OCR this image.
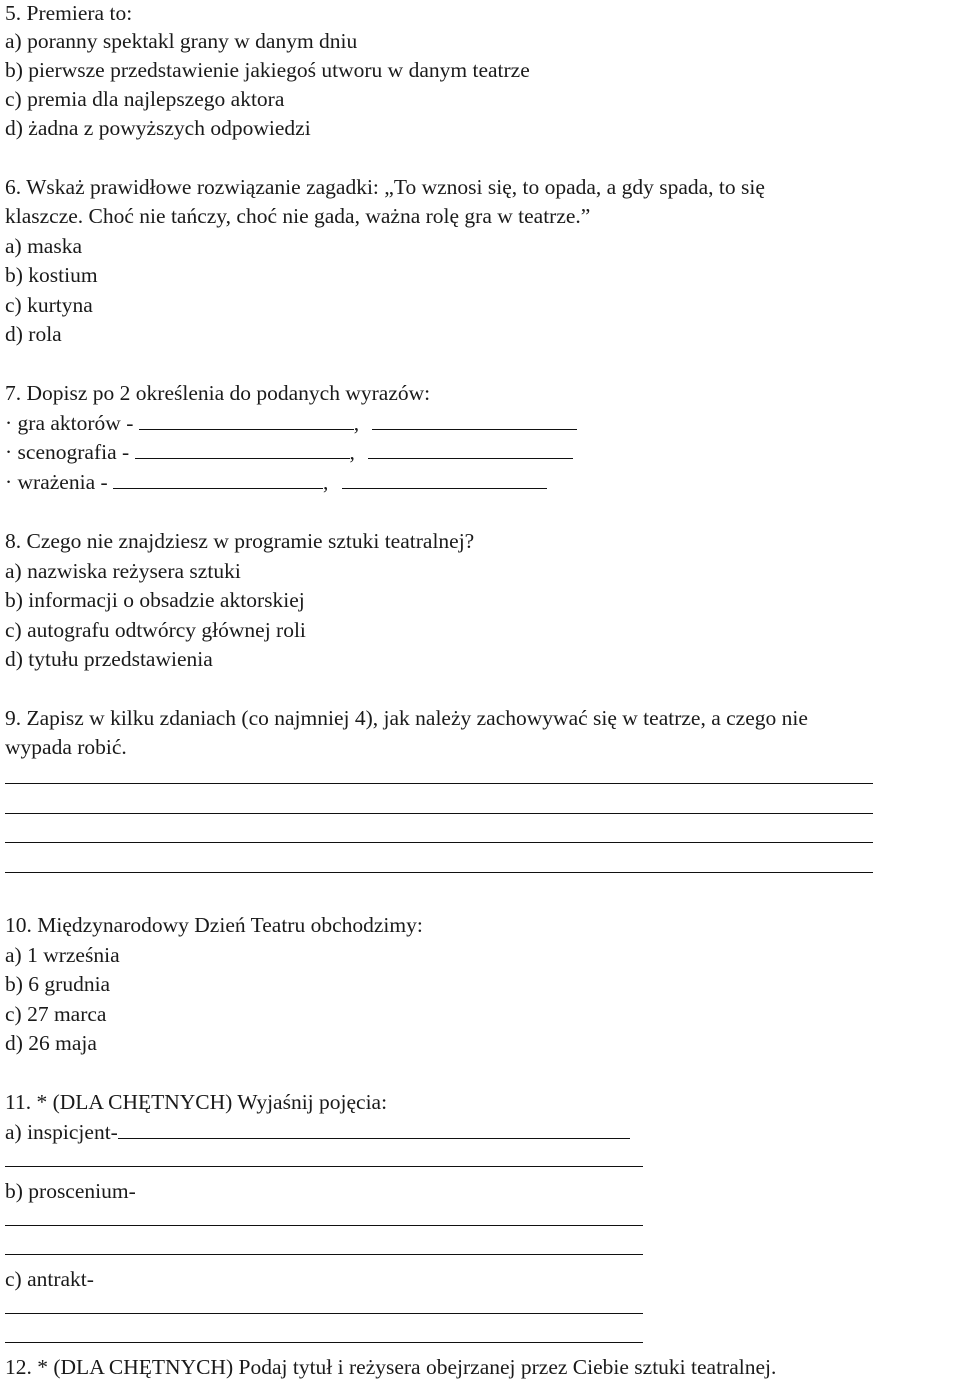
5. Premiera to:
a) poranny spektakl grany w danym dniu
b) pierwsze przedstawienie jakiegoś utworu w danym teatrze
c) premia dla najlepszego aktora
d) żadna z powyższych odpowiedzi
6. Wskaż prawidłowe rozwiązanie zagadki: „To wznosi się, to opada, a gdy spada, to się
klaszcze. Choć nie tańczy, choć nie gada, ważna rolę gra w teatrze.”
a) maska
b) kostium
c) kurtyna
d) rola
7. Dopisz po 2 określenia do podanych wyrazów:
· gra aktorów -	,
· scenografia -	,
· wrażenia -	,
8. Czego nie znajdziesz w programie sztuki teatralnej?
a) nazwiska reżysera sztuki
b) informacji o obsadzie aktorskiej
c) autografu odtwórcy głównej roli
d) tytułu przedstawienia
9. Zapisz w kilku zdaniach (co najmniej 4), jak należy zachowywać się w teatrze, a czego nie
wypada robić.
10. Międzynarodowy Dzień Teatru obchodzimy:
a) 1 września
b) 6 grudnia
c) 27 marca
d) 26 maja
11. * (DLA CHĘTNYCH) Wyjaśnij pojęcia:
a) inspicjent-
b) proscenium-
c) antrakt-
12. * (DLA CHĘTNYCH) Podaj tytuł i reżysera obejrzanej przez Ciebie sztuki teatralnej.
